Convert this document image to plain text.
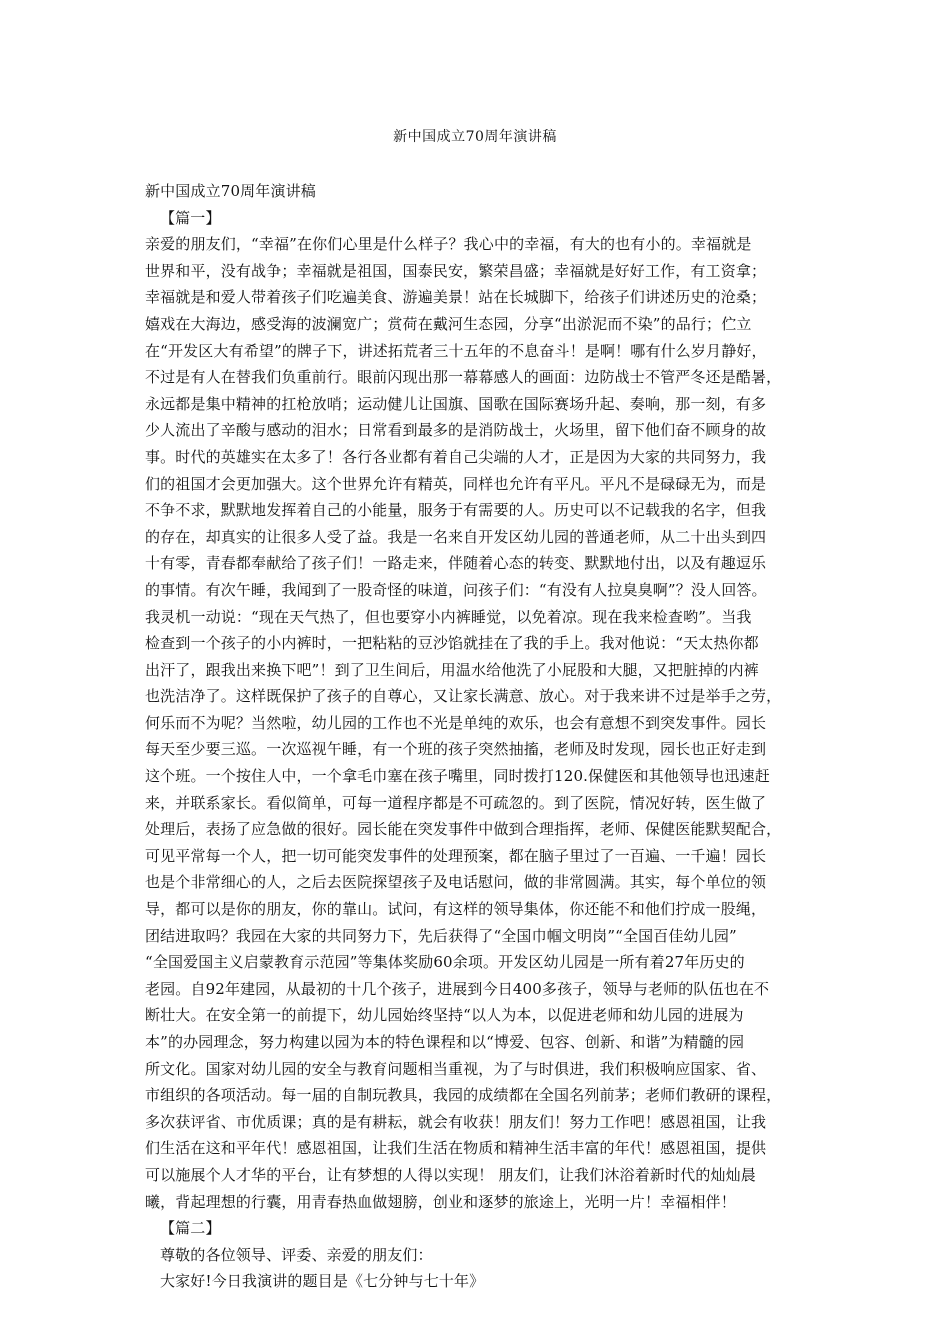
新中国成立70周年演讲稿
新中国成立70周年演讲稿
【篇一】
亲爱的朋友们，“幸福”在你们心里是什么样子？我心中的幸福，有大的也有小的。幸福就是
世界和平，没有战争；幸福就是祖国，国泰民安，繁荣昌盛；幸福就是好好工作，有工资拿；
幸福就是和爱人带着孩子们吃遍美食、游遍美景！站在长城脚下，给孩子们讲述历史的沧桑；
嬉戏在大海边，感受海的波澜宽广；赏荷在戴河生态园，分享“出淤泥而不染”的品行；伫立
在“开发区大有希望”的牌子下，讲述拓荒者三十五年的不息奋斗！是啊！哪有什么岁月静好，
不过是有人在替我们负重前行。眼前闪现出那一幕幕感人的画面：边防战士不管严冬还是酷暑，
永远都是集中精神的扛枪放哨；运动健儿让国旗、国歌在国际赛场升起、奏响，那一刻，有多
少人流出了辛酸与感动的泪水；日常看到最多的是消防战士，火场里，留下他们奋不顾身的故
事。时代的英雄实在太多了！各行各业都有着自己尖端的人才，正是因为大家的共同努力，我
们的祖国才会更加强大。这个世界允许有精英，同样也允许有平凡。平凡不是碌碌无为，而是
不争不求，默默地发挥着自己的小能量，服务于有需要的人。历史可以不记载我的名字，但我
的存在，却真实的让很多人受了益。我是一名来自开发区幼儿园的普通老师，从二十出头到四
十有零，青春都奉献给了孩子们！一路走来，伴随着心态的转变、默默地付出，以及有趣逗乐
的事情。有次午睡，我闻到了一股奇怪的味道，问孩子们：“有没有人拉臭臭啊”？没人回答。
我灵机一动说：“现在天气热了，但也要穿小内裤睡觉，以免着凉。现在我来检查哟”。当我
检查到一个孩子的小内裤时，一把粘粘的豆沙馅就挂在了我的手上。我对他说：“天太热你都
出汗了，跟我出来换下吧”！到了卫生间后，用温水给他洗了小屁股和大腿，又把脏掉的内裤
也洗洁净了。这样既保护了孩子的自尊心，又让家长满意、放心。对于我来讲不过是举手之劳，
何乐而不为呢？当然啦，幼儿园的工作也不光是单纯的欢乐，也会有意想不到突发事件。园长
每天至少要三巡。一次巡视午睡，有一个班的孩子突然抽搐，老师及时发现，园长也正好走到
这个班。一个按住人中，一个拿毛巾塞在孩子嘴里，同时拨打120.保健医和其他领导也迅速赶
来，并联系家长。看似简单，可每一道程序都是不可疏忽的。到了医院，情况好转，医生做了
处理后，表扬了应急做的很好。园长能在突发事件中做到合理指挥，老师、保健医能默契配合，
可见平常每一个人，把一切可能突发事件的处理预案，都在脑子里过了一百遍、一千遍！园长
也是个非常细心的人，之后去医院探望孩子及电话慰问，做的非常圆满。其实，每个单位的领
导，都可以是你的朋友，你的靠山。试问，有这样的领导集体，你还能不和他们拧成一股绳，
团结进取吗？我园在大家的共同努力下，先后获得了“全国巾帼文明岗”“全国百佳幼儿园”
“全国爱国主义启蒙教育示范园”等集体奖励60余项。开发区幼儿园是一所有着27年历史的
老园。自92年建园，从最初的十几个孩子，进展到今日400多孩子，领导与老师的队伍也在不
断壮大。在安全第一的前提下，幼儿园始终坚持“以人为本，以促进老师和幼儿园的进展为
本”的办园理念，努力构建以园为本的特色课程和以“博爱、包容、创新、和谐”为精髓的园
所文化。国家对幼儿园的安全与教育问题相当重视，为了与时俱进，我们积极响应国家、省、
市组织的各项活动。每一届的自制玩教具，我园的成绩都在全国名列前茅；老师们教研的课程，
多次获评省、市优质课；真的是有耕耘，就会有收获！朋友们！努力工作吧！感恩祖国，让我
们生活在这和平年代！感恩祖国，让我们生活在物质和精神生活丰富的年代！感恩祖国，提供
可以施展个人才华的平台，让有梦想的人得以实现！ 朋友们，让我们沐浴着新时代的灿灿晨
曦，背起理想的行囊，用青春热血做翅膀，创业和逐梦的旅途上，光明一片！幸福相伴！
【篇二】
尊敬的各位领导、评委、亲爱的朋友们：
大家好!今日我演讲的题目是《七分钟与七十年》
